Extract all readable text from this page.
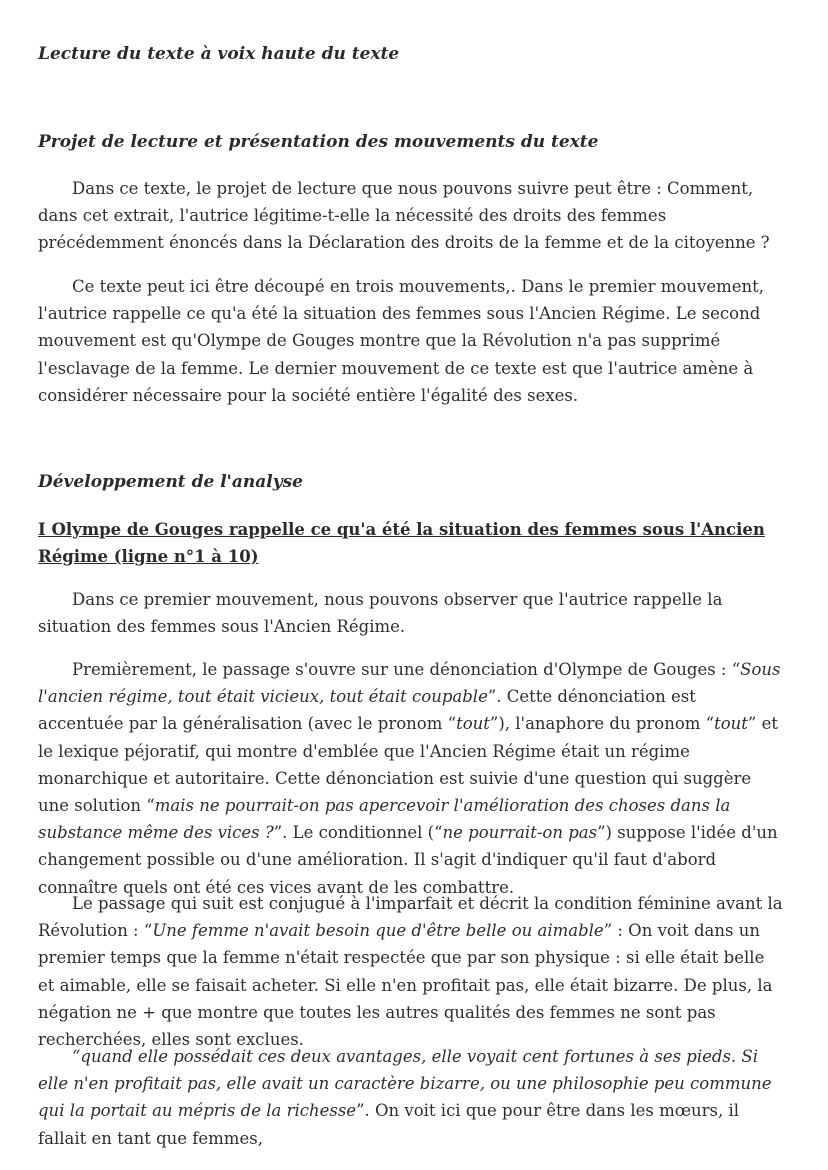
Lecture du texte à voix haute du texte
Projet de lecture et présentation des mouvements du texte

Dans ce texte, le projet de lecture que nous pouvons suivre peut être : Comment, dans cet extrait, l'autrice légitime-t-elle la nécessité des droits des femmes précédemment énoncés dans la Déclaration des droits de la femme et de la citoyenne ?

Ce texte peut ici être découpé en trois mouvements,. Dans le premier mouvement, l'autrice rappelle ce qu'a été la situation des femmes sous l'Ancien Régime. Le second mouvement est qu'Olympe de Gouges montre que la Révolution n'a pas supprimé l'esclavage de la femme. Le dernier mouvement de ce texte est que l'autrice amène à considérer nécessaire pour la société entière l'égalité des sexes.

Développement de l'analyse
I Olympe de Gouges rappelle ce qu'a été la situation des femmes sous l'Ancien Régime (ligne n°1 à 10)

Dans ce premier mouvement, nous pouvons observer que l'autrice rappelle la situation des femmes sous l'Ancien Régime.

Premièrement, le passage s'ouvre sur une dénonciation d'Olympe de Gouges : “Sous l'ancien régime, tout était vicieux, tout était coupable”. Cette dénonciation est accentuée par la généralisation (avec le pronom “tout”), l'anaphore du pronom “tout” et le lexique péjoratif, qui montre d'emblée que l'Ancien Régime était un régime monarchique et autoritaire. Cette dénonciation est suivie d'une question qui suggère une solution “mais ne pourrait-on pas apercevoir l'amélioration des choses dans la substance même des vices ?”. Le conditionnel (“ne pourrait-on pas”) suppose l'idée d'un changement possible ou d'une amélioration. Il s'agit d'indiquer qu'il faut d'abord connaître quels ont été ces vices avant de les combattre.

Le passage qui suit est conjugué à l'imparfait et décrit la condition féminine avant la Révolution : “Une femme n'avait besoin que d'être belle ou aimable” : On voit dans un premier temps que la femme n'était respectée que par son physique : si elle était belle et aimable, elle se faisait acheter. Si elle n'en profitait pas, elle était bizarre. De plus, la négation ne + que montre que toutes les autres qualités des femmes ne sont pas recherchées, elles sont exclues.

“quand elle possédait ces deux avantages, elle voyait cent fortunes à ses pieds. Si elle n'en profitait pas, elle avait un caractère bizarre, ou une philosophie peu commune qui la portait au mépris de la richesse”. On voit ici que pour être dans les mœurs, il fallait en tant que femmes,
